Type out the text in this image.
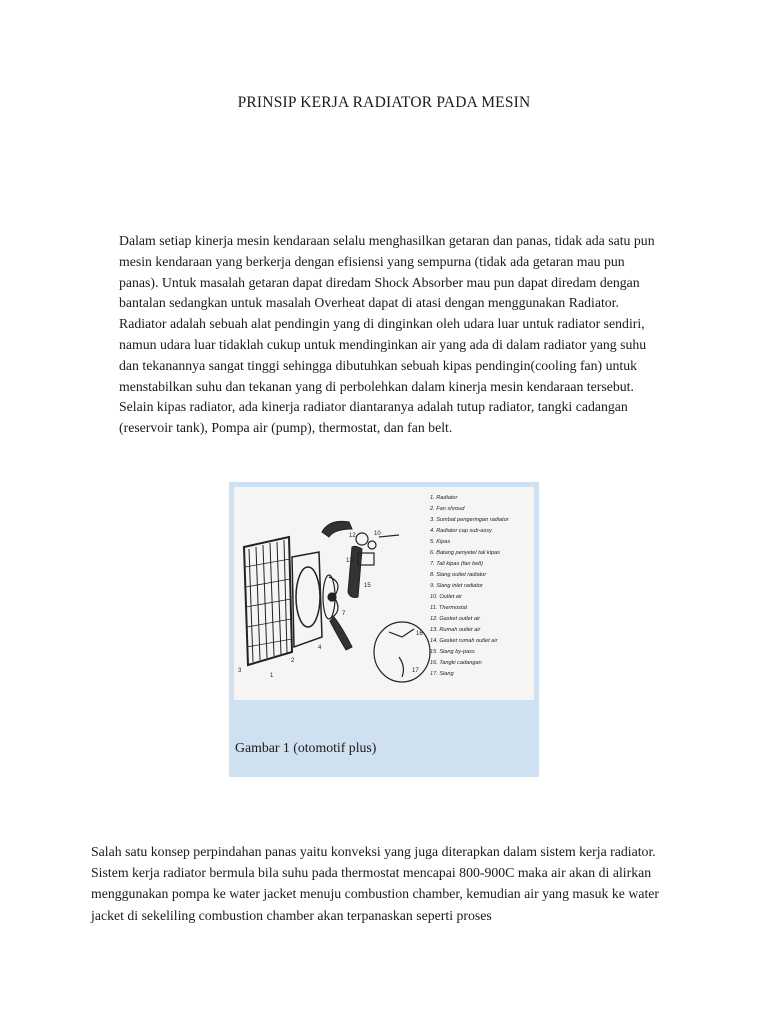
PRINSIP KERJA RADIATOR PADA MESIN

Dalam setiap kinerja mesin kendaraan selalu menghasilkan getaran dan panas, tidak ada satu pun mesin kendaraan yang berkerja dengan efisiensi yang sempurna (tidak ada getaran mau pun panas). Untuk masalah getaran dapat diredam Shock Absorber mau pun dapat diredam dengan bantalan sedangkan untuk masalah Overheat dapat di atasi dengan menggunakan Radiator. Radiator adalah sebuah alat pendingin yang di dinginkan oleh udara luar untuk radiator sendiri, namun udara luar tidaklah cukup untuk mendinginkan air yang ada di dalam radiator yang suhu dan tekanannya sangat tinggi sehingga dibutuhkan sebuah kipas pendingin(cooling fan) untuk menstabilkan suhu dan tekanan yang di perbolehkan dalam kinerja mesin kendaraan tersebut. Selain kipas radiator, ada kinerja radiator diantaranya adalah tutup radiator, tangki cadangan (reservoir tank), Pompa air (pump), thermostat, dan fan belt.

3
1
2
4
7
15
12	10
13
16
17
1. Radiator
2. Fan shroud
3. Sumbat pengeringan radiator
4. Radiator cap sub-assy
5. Kipas
6. Batang penyetel tali kipas
7. Tali kipas (fan belt)
8. Slang outlet radiator
9. Slang inlet radiator
10. Outlet air
11. Thermostat
12. Gasket outlet air
13. Rumah outlet air
14. Gasket rumah outlet air
15. Slang by-pass
16. Tangki cadangan
17. Slang
Gambar 1 (otomotif plus)

Salah satu konsep perpindahan panas yaitu konveksi yang juga diterapkan dalam sistem kerja radiator. Sistem kerja radiator bermula bila suhu pada thermostat mencapai 800-900C maka air akan di alirkan menggunakan pompa ke water jacket menuju combustion chamber, kemudian air yang masuk ke water jacket di sekeliling combustion chamber akan terpanaskan seperti proses
